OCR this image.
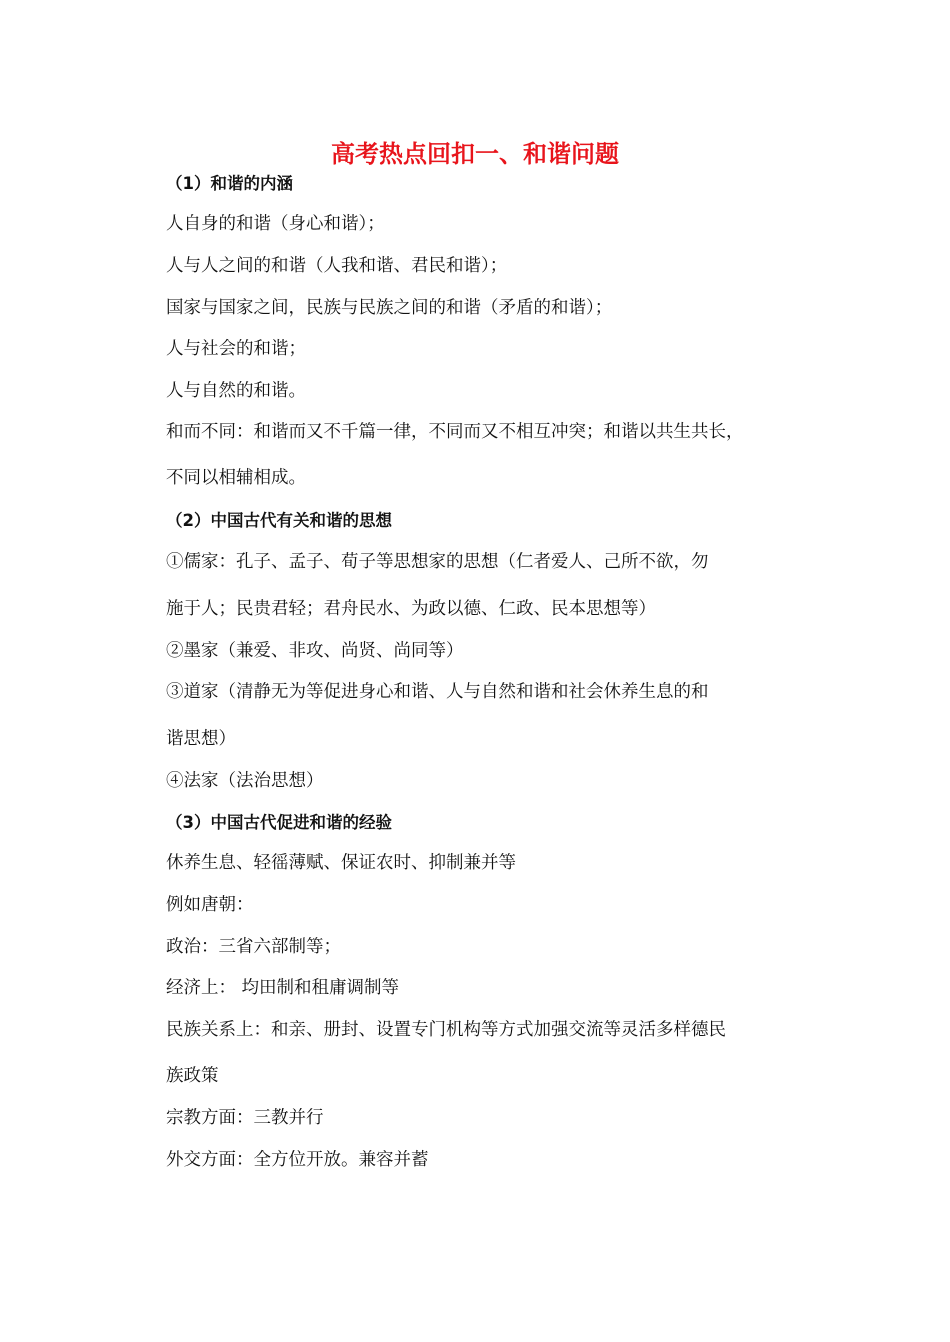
高考热点回扣一、和谐问题
（1）和谐的内涵
人自身的和谐（身心和谐）；
人与人之间的和谐（人我和谐、君民和谐）；
国家与国家之间，民族与民族之间的和谐（矛盾的和谐）；
人与社会的和谐；
人与自然的和谐。
和而不同：和谐而又不千篇一律，不同而又不相互冲突；和谐以共生共长，
不同以相辅相成。
（2）中国古代有关和谐的思想
①儒家：孔子、孟子、荀子等思想家的思想（仁者爱人、己所不欲，勿
施于人；民贵君轻；君舟民水、为政以德、仁政、民本思想等）
②墨家（兼爱、非攻、尚贤、尚同等）
③道家（清静无为等促进身心和谐、人与自然和谐和社会休养生息的和
谐思想）
④法家（法治思想）
（3）中国古代促进和谐的经验
休养生息、轻徭薄赋、保证农时、抑制兼并等
例如唐朝：
政治：三省六部制等；
经济上： 均田制和租庸调制等
民族关系上：和亲、册封、设置专门机构等方式加强交流等灵活多样德民
族政策
宗教方面：三教并行
外交方面：全方位开放。兼容并蓄
